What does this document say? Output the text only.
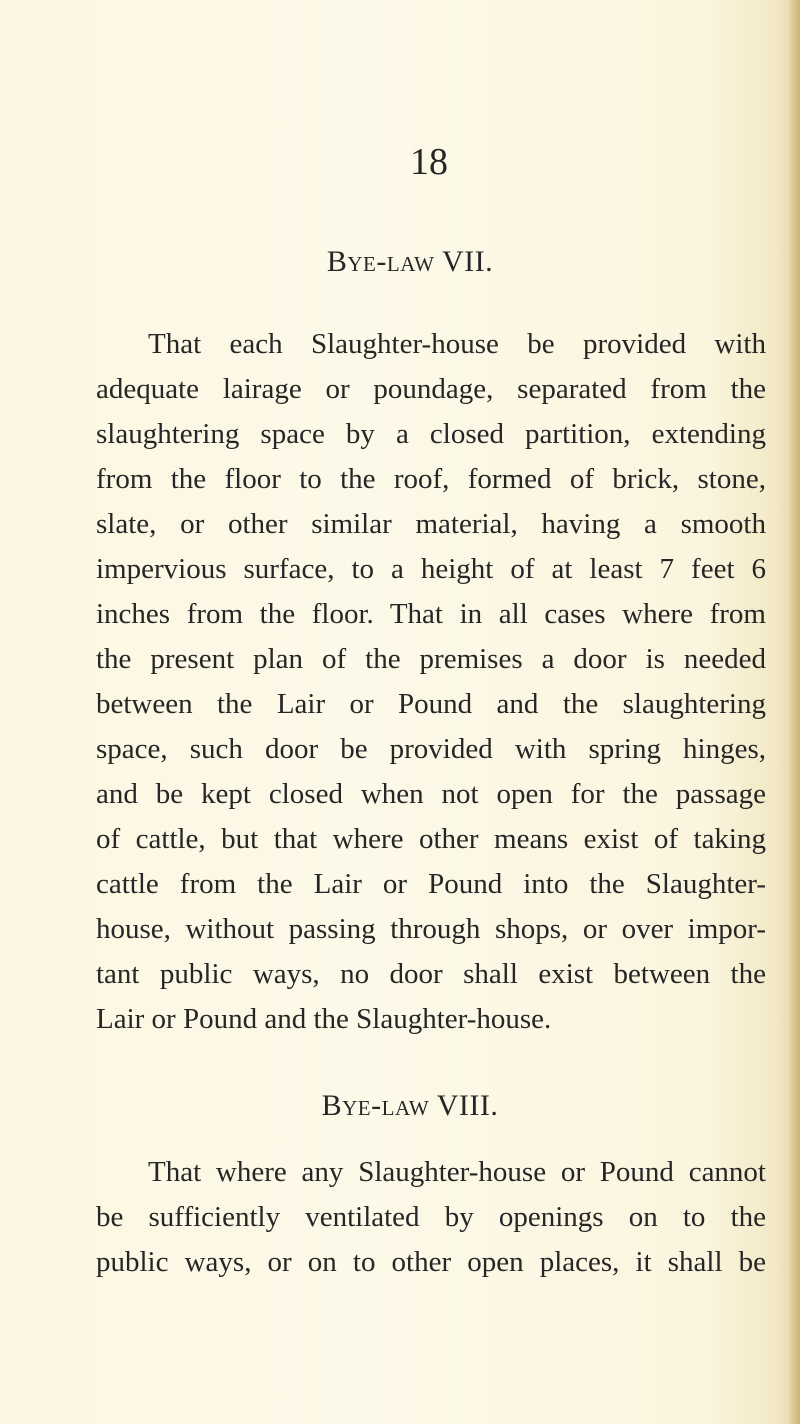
18

Bye-law VII.
That each Slaughter-house be provided with
adequate lairage or poundage, separated from the
slaughtering space by a closed partition, extending
from the floor to the roof, formed of brick, stone,
slate, or other similar material, having a smooth
impervious surface, to a height of at least 7 feet 6
inches from the floor. That in all cases where from
the present plan of the premises a door is needed
between the Lair or Pound and the slaughtering
space, such door be provided with spring hinges,
and be kept closed when not open for the passage
of cattle, but that where other means exist of taking
cattle from the Lair or Pound into the Slaughter-
house, without passing through shops, or over impor-
tant public ways, no door shall exist between the
Lair or Pound and the Slaughter-house.
Bye-law VIII.
That where any Slaughter-house or Pound cannot
be sufficiently ventilated by openings on to the
public ways, or on to other open places, it shall be
